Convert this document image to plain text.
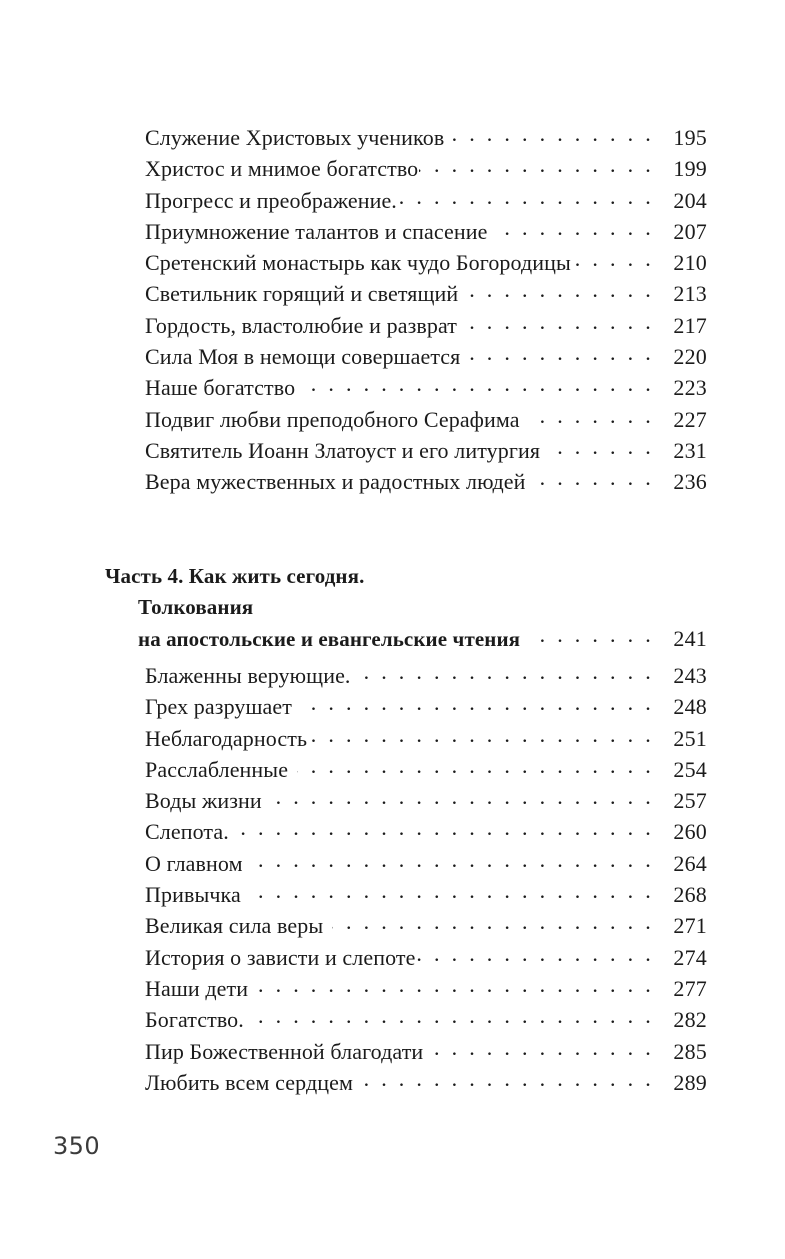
Служение Христовых учеников . . .	195
Христос и мнимое богатство . . .	199
Прогресс и преображение. . . .	204
Приумножение талантов и спасение . . .	207
Сретенский монастырь как чудо Богородицы . . .	210
Светильник горящий и светящий . . .	213
Гордость, властолюбие и разврат . . .	217
Сила Моя в немощи совершается . . .	220
Наше богатство . . .	223
Подвиг любви преподобного Серафима . . .	227
Святитель Иоанн Златоуст и его литургия . . .	231
Вера мужественных и радостных людей . . .	236
Часть 4. Как жить сегодня.
Толкования
на апостольские и евангельские чтения . . .	241
Блаженны верующие. . . .	243
Грех разрушает . . .	248
Неблагодарность . . .	251
Расслабленные . . .	254
Воды жизни . . .	257
Слепота. . . .	260
О главном . . .	264
Привычка . . .	268
Великая сила веры . . .	271
История о зависти и слепоте . . .	274
Наши дети . . .	277
Богатство. . . .	282
Пир Божественной благодати . . .	285
Любить всем сердцем . . .	289
350
